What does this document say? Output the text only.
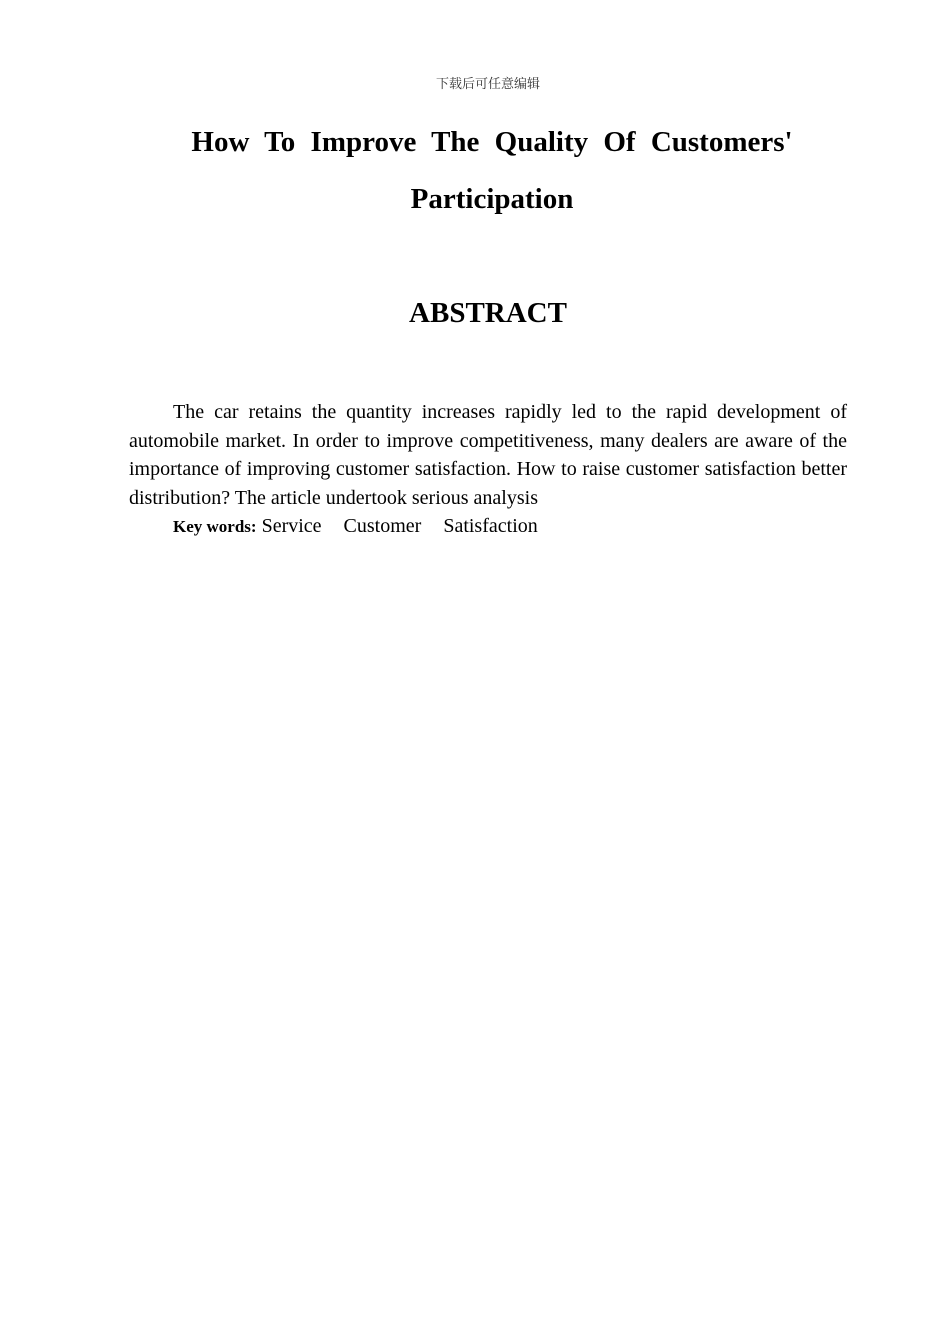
下载后可任意编辑
How To Improve The Quality Of Customers' Participation
ABSTRACT

The car retains the quantity increases rapidly led to the rapid development of automobile market. In order to improve competitiveness, many dealers are aware of the importance of improving customer satisfaction. How to raise customer satisfaction better distribution? The article undertook serious analysis

Key words: Service  Customer  Satisfaction
